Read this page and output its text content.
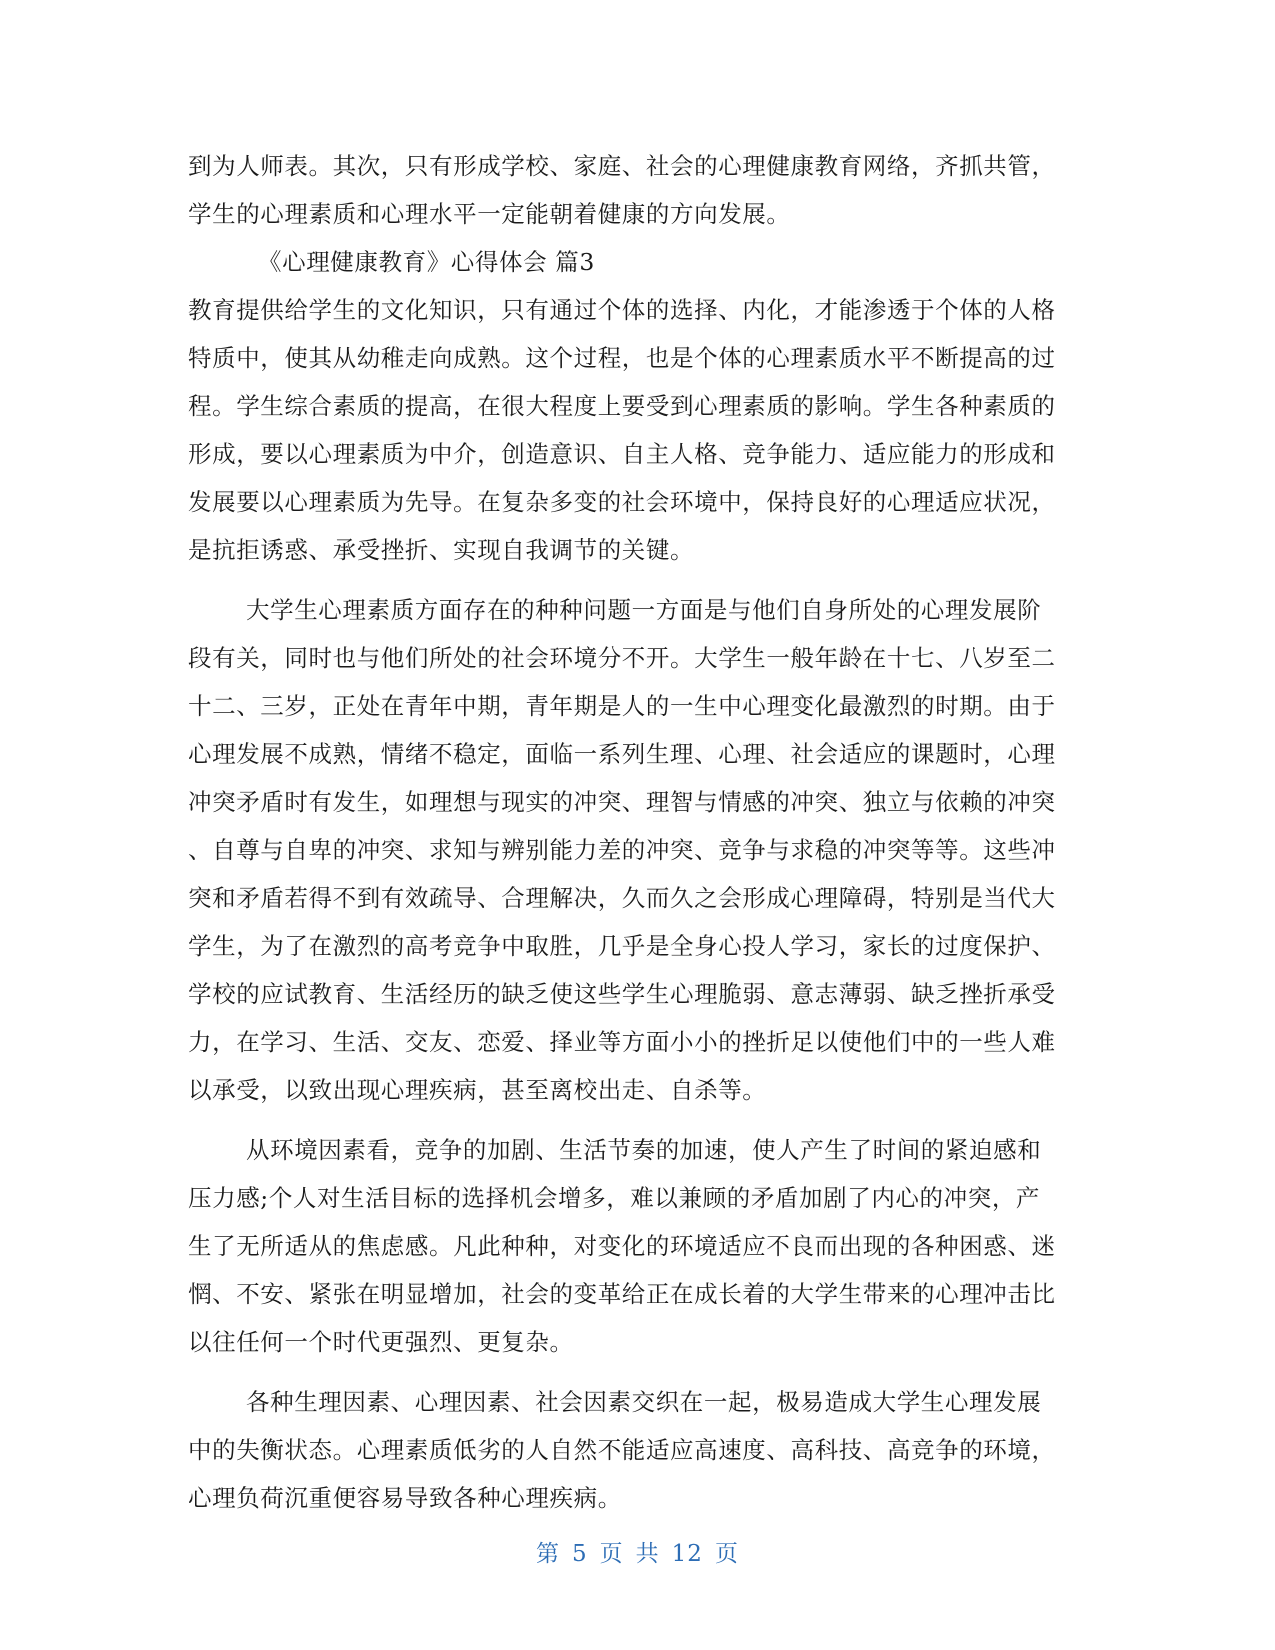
到为人师表。其次，只有形成学校、家庭、社会的心理健康教育网络，齐抓共管，
学生的心理素质和心理水平一定能朝着健康的方向发展。
《心理健康教育》心得体会 篇3
教育提供给学生的文化知识，只有通过个体的选择、内化，才能渗透于个体的人格
特质中，使其从幼稚走向成熟。这个过程，也是个体的心理素质水平不断提高的过
程。学生综合素质的提高，在很大程度上要受到心理素质的影响。学生各种素质的
形成，要以心理素质为中介，创造意识、自主人格、竞争能力、适应能力的形成和
发展要以心理素质为先导。在复杂多变的社会环境中，保持良好的心理适应状况，
是抗拒诱惑、承受挫折、实现自我调节的关键。
大学生心理素质方面存在的种种问题一方面是与他们自身所处的心理发展阶
段有关，同时也与他们所处的社会环境分不开。大学生一般年龄在十七、八岁至二
十二、三岁，正处在青年中期，青年期是人的一生中心理变化最激烈的时期。由于
心理发展不成熟，情绪不稳定，面临一系列生理、心理、社会适应的课题时，心理
冲突矛盾时有发生，如理想与现实的冲突、理智与情感的冲突、独立与依赖的冲突
、自尊与自卑的冲突、求知与辨别能力差的冲突、竞争与求稳的冲突等等。这些冲
突和矛盾若得不到有效疏导、合理解决，久而久之会形成心理障碍，特别是当代大
学生，为了在激烈的高考竞争中取胜，几乎是全身心投人学习，家长的过度保护、
学校的应试教育、生活经历的缺乏使这些学生心理脆弱、意志薄弱、缺乏挫折承受
力，在学习、生活、交友、恋爱、择业等方面小小的挫折足以使他们中的一些人难
以承受，以致出现心理疾病，甚至离校出走、自杀等。
从环境因素看，竞争的加剧、生活节奏的加速，使人产生了时间的紧迫感和
压力感;个人对生活目标的选择机会增多，难以兼顾的矛盾加剧了内心的冲突，产
生了无所适从的焦虑感。凡此种种，对变化的环境适应不良而出现的各种困惑、迷
惘、不安、紧张在明显增加，社会的变革给正在成长着的大学生带来的心理冲击比
以往任何一个时代更强烈、更复杂。
各种生理因素、心理因素、社会因素交织在一起，极易造成大学生心理发展
中的失衡状态。心理素质低劣的人自然不能适应高速度、高科技、高竞争的环境，
心理负荷沉重便容易导致各种心理疾病。
第 5 页 共 12 页
